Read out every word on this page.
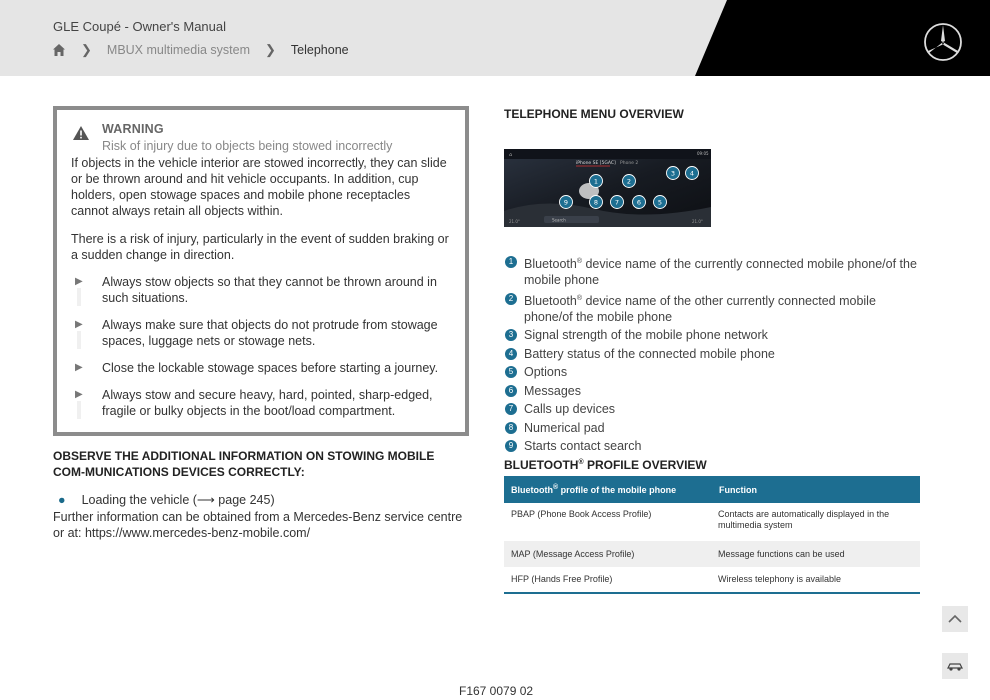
GLE Coupé - Owner's Manual
❯ MBUX multimedia system ❯ Telephone
WARNING
Risk of injury due to objects being stowed incorrectly

If objects in the vehicle interior are stowed incorrectly, they can slide or be thrown around and hit vehicle occupants. In addition, cup holders, open stowage spaces and mobile phone receptacles cannot always retain all objects within.

There is a risk of injury, particularly in the event of sudden braking or a sudden change in direction.

▶ Always stow objects so that they cannot be thrown around in such situations.
▶ Always make sure that objects do not protrude from stowage spaces, luggage nets or stowage nets.
▶ Close the lockable stowage spaces before starting a journey.
▶ Always stow and secure heavy, hard, pointed, sharp-edged, fragile or bulky objects in the boot/load compartment.
OBSERVE THE ADDITIONAL INFORMATION ON STOWING MOBILE COM-MUNICATIONS DEVICES CORRECTLY:
● Loading the vehicle (⟶ page 245)
Further information can be obtained from a Mercedes-Benz service centre or at: https://www.mercedes-benz-mobile.com/
TELEPHONE MENU OVERVIEW
⌂
iPhone SE [5GAC] Phone 2
09:05
Search
21.0°	21.0°
1	2
3 4
5
6
7
8
9
1 Bluetooth® device name of the currently connected mobile phone/of the mobile phone
2 Bluetooth® device name of the other currently connected mobile phone/of the mobile phone
3 Signal strength of the mobile phone network
4 Battery status of the connected mobile phone
5 Options
6 Messages
7 Calls up devices
8 Numerical pad
9 Starts contact search
BLUETOOTH® PROFILE OVERVIEW
Bluetooth® profile of the mobile phone	Function
PBAP (Phone Book Access Profile)	Contacts are automatically displayed in the multimedia system
MAP (Message Access Profile)	Message functions can be used
HFP (Hands Free Profile)	Wireless telephony is available
F167 0079 02
